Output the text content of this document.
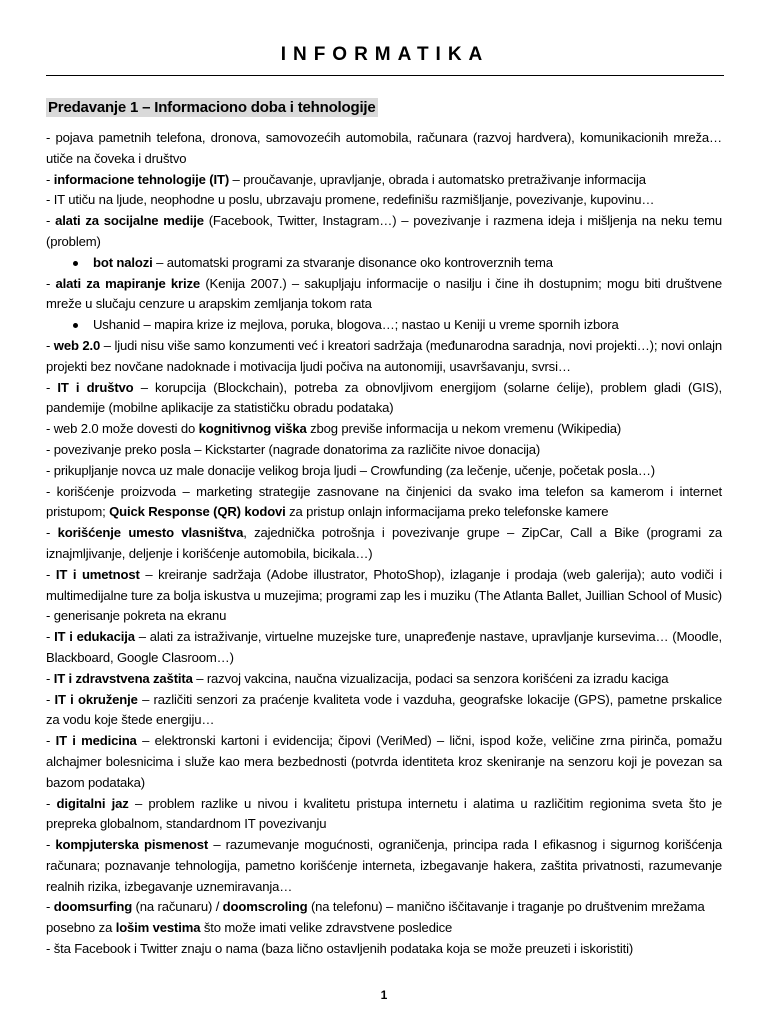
INFORMATIKA
Predavanje 1 – Informaciono doba i tehnologije

- pojava pametnih telefona, dronova, samovozećih automobila, računara (razvoj hardvera), komunikacionih mreža… utiče na čoveka i društvo

- informacione tehnologije (IT) – proučavanje, upravljanje, obrada i automatsko pretraživanje informacija

- IT utiču na ljude, neophodne u poslu, ubrzavaju promene, redefinišu razmišljanje, povezivanje, kupovinu…

- alati za socijalne medije (Facebook, Twitter, Instagram…) – povezivanje i razmena ideja i mišljenja na neku temu (problem)

bot nalozi – automatski programi za stvaranje disonance oko kontroverznih tema

- alati za mapiranje krize (Kenija 2007.) – sakupljaju informacije o nasilju i čine ih dostupnim; mogu biti društvene mreže u slučaju cenzure u arapskim zemljanja tokom rata

Ushanid – mapira krize iz mejlova, poruka, blogova…; nastao u Keniji u vreme spornih izbora

- web 2.0 – ljudi nisu više samo konzumenti već i kreatori sadržaja (međunarodna saradnja, novi projekti…); novi onlajn projekti bez novčane nadoknade i motivacija ljudi počiva na autonomiji, usavršavanju, svrsi…

- IT i društvo – korupcija (Blockchain), potreba za obnovljivom energijom (solarne ćelije), problem gladi (GIS), pandemije (mobilne aplikacije za statističku obradu podataka)

- web 2.0 može dovesti do kognitivnog viška zbog previše informacija u nekom vremenu (Wikipedia)

- povezivanje preko posla – Kickstarter (nagrade donatorima za različite nivoe donacija)

- prikupljanje novca uz male donacije velikog broja ljudi – Crowfunding (za lečenje, učenje, početak posla…)

- korišćenje proizvoda – marketing strategije zasnovane na činjenici da svako ima telefon sa kamerom i internet pristupom; Quick Response (QR) kodovi za pristup onlajn informacijama preko telefonske kamere

- korišćenje umesto vlasništva, zajednička potrošnja i povezivanje grupe – ZipCar, Call a Bike (programi za iznajmljivanje, deljenje i korišćenje automobila, bicikala…)

- IT i umetnost – kreiranje sadržaja (Adobe illustrator, PhotoShop), izlaganje i prodaja (web galerija); auto vodiči i multimedijalne ture za bolja iskustva u muzejima; programi zap les i muziku (The Atlanta Ballet, Juillian School of Music) - generisanje pokreta na ekranu

- IT i edukacija – alati za istraživanje, virtuelne muzejske ture, unapređenje nastave, upravljanje kursevima… (Moodle, Blackboard, Google Clasroom…)

- IT i zdravstvena zaštita – razvoj vakcina, naučna vizualizacija, podaci sa senzora korišćeni za izradu kaciga

- IT i okruženje – različiti senzori za praćenje kvaliteta vode i vazduha, geografske lokacije (GPS), pametne prskalice za vodu koje štede energiju…

- IT i medicina – elektronski kartoni i evidencija; čipovi (VeriMed) – lični, ispod kože, veličine zrna pirinča, pomažu alchajmer bolesnicima i služe kao mera bezbednosti (potvrda identiteta kroz skeniranje na senzoru koji je povezan sa bazom podataka)

- digitalni jaz – problem razlike u nivou i kvalitetu pristupa internetu i alatima u različitim regionima sveta što je prepreka globalnom, standardnom IT povezivanju

- kompjuterska pismenost – razumevanje mogućnosti, ograničenja, principa rada I efikasnog i sigurnog korišćenja računara; poznavanje tehnologija, pametno korišćenje interneta, izbegavanje hakera, zaštita privatnosti, razumevanje realnih rizika, izbegavanje uznemiravanja…

- doomsurfing (na računaru) / doomscroling (na telefonu) – manično iščitavanje i traganje po društvenim mrežama posebno za lošim vestima što može imati velike zdravstvene posledice

- šta Facebook i Twitter znaju o nama (baza lično ostavljenih podataka koja se može preuzeti i iskoristiti)

1
